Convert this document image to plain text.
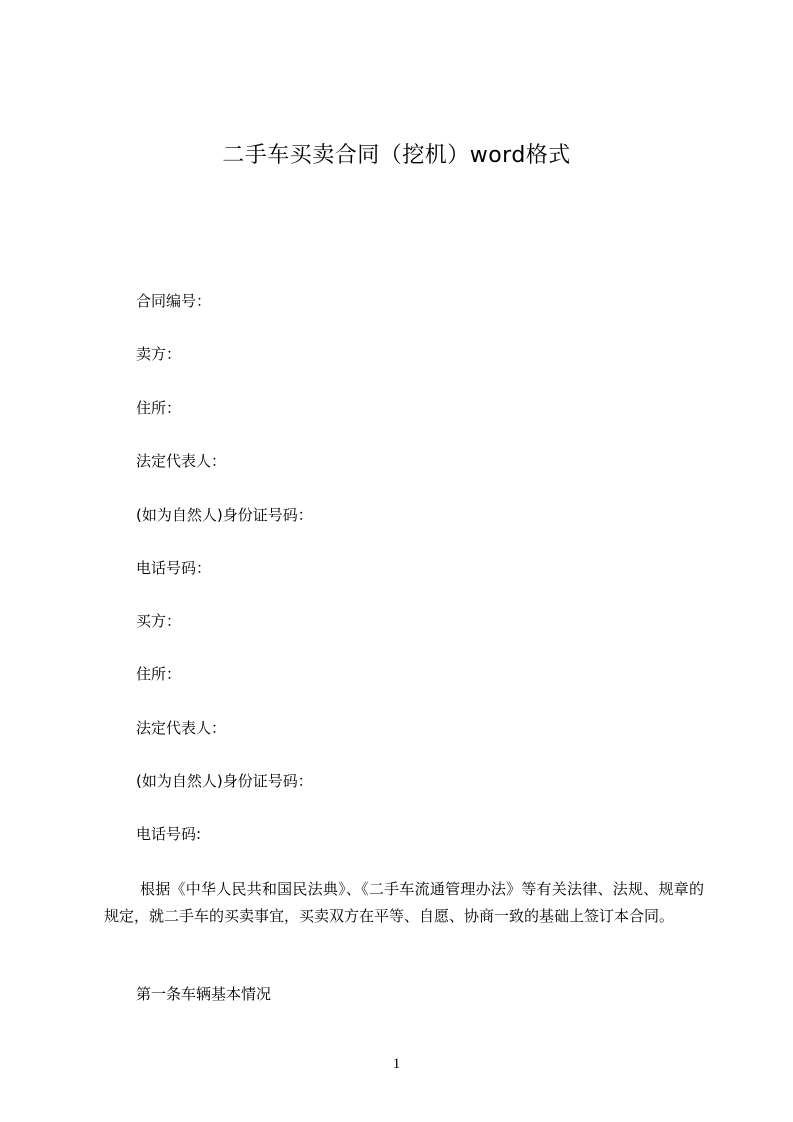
二手车买卖合同（挖机）word格式
合同编号：
卖方：
住所：
法定代表人：
(如为自然人)身份证号码：
电话号码：
买方：
住所：
法定代表人：
(如为自然人)身份证号码：
电话号码:
根据《中华人民共和国民法典》、《二手车流通管理办法》等有关法律、法规、规章的规定，就二手车的买卖事宜，买卖双方在平等、自愿、协商一致的基础上签订本合同。
第一条车辆基本情况
1
